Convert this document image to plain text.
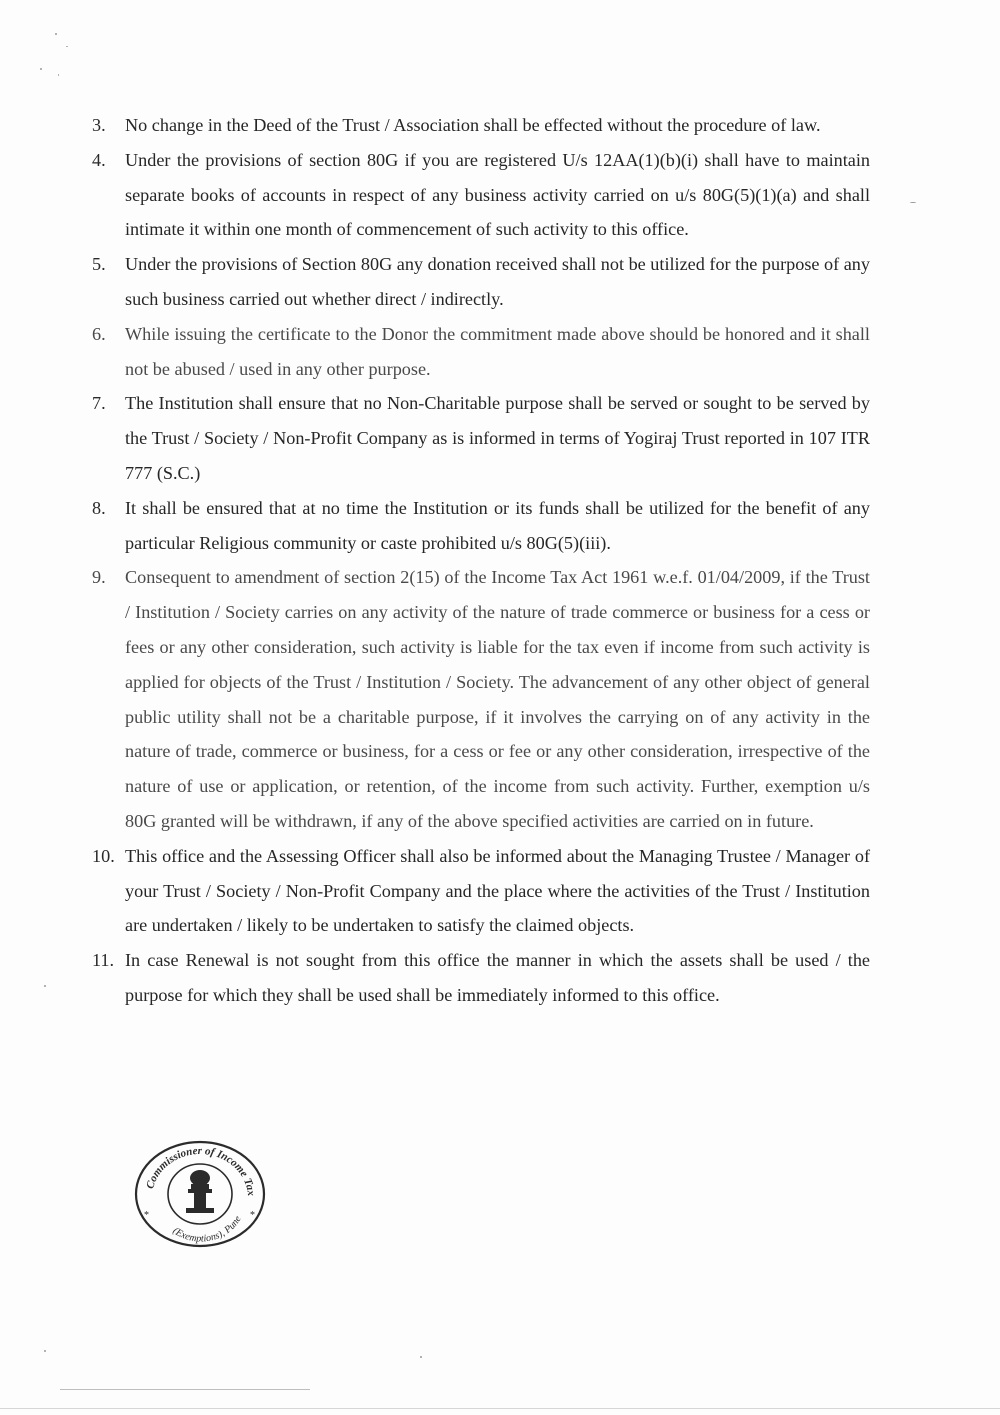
3.	No change in the Deed of the Trust / Association shall be effected without the procedure of law.
4.	Under the provisions of section 80G if you are registered U/s 12AA(1)(b)(i) shall have to maintain separate books of accounts in respect of any business activity carried on u/s 80G(5)(1)(a) and shall intimate it within one month of commencement of such activity to this office.
5.	Under the provisions of Section 80G any donation received shall not be utilized for the purpose of any such business carried out whether direct / indirectly.
6.	While issuing the certificate to the Donor the commitment made above should be honored and it shall not be abused / used in any other purpose.
7.	The Institution shall ensure that no Non-Charitable purpose shall be served or sought to be served by the Trust / Society / Non-Profit Company as is informed in terms of Yogiraj Trust reported in 107 ITR 777 (S.C.)
8.	It shall be ensured that at no time the Institution or its funds shall be utilized for the benefit of any particular Religious community or caste prohibited u/s 80G(5)(iii).
9.	Consequent to amendment of section 2(15) of the Income Tax Act 1961 w.e.f. 01/04/2009, if the Trust / Institution / Society carries on any activity of the nature of trade commerce or business for a cess or fees or any other consideration, such activity is liable for the tax even if income from such activity is applied for objects of the Trust / Institution / Society. The advancement of any other object of general public utility shall not be a charitable purpose, if it involves the carrying on of any activity in the nature of trade, commerce or business, for a cess or fee or any other consideration, irrespective of the nature of use or application, or retention, of the income from such activity. Further, exemption u/s 80G granted will be withdrawn, if any of the above specified activities are carried on in future.
10. This office and the Assessing Officer shall also be informed about the Managing Trustee / Manager of your Trust / Society / Non-Profit Company and the place where the activities of the Trust / Institution are undertaken / likely to be undertaken to satisfy the claimed objects.
11. In case Renewal is not sought from this office the manner in which the assets shall be used / the purpose for which they shall be used shall be immediately informed to this office.
Commissioner of Income Tax
(Exemptions), Pune
*	*
